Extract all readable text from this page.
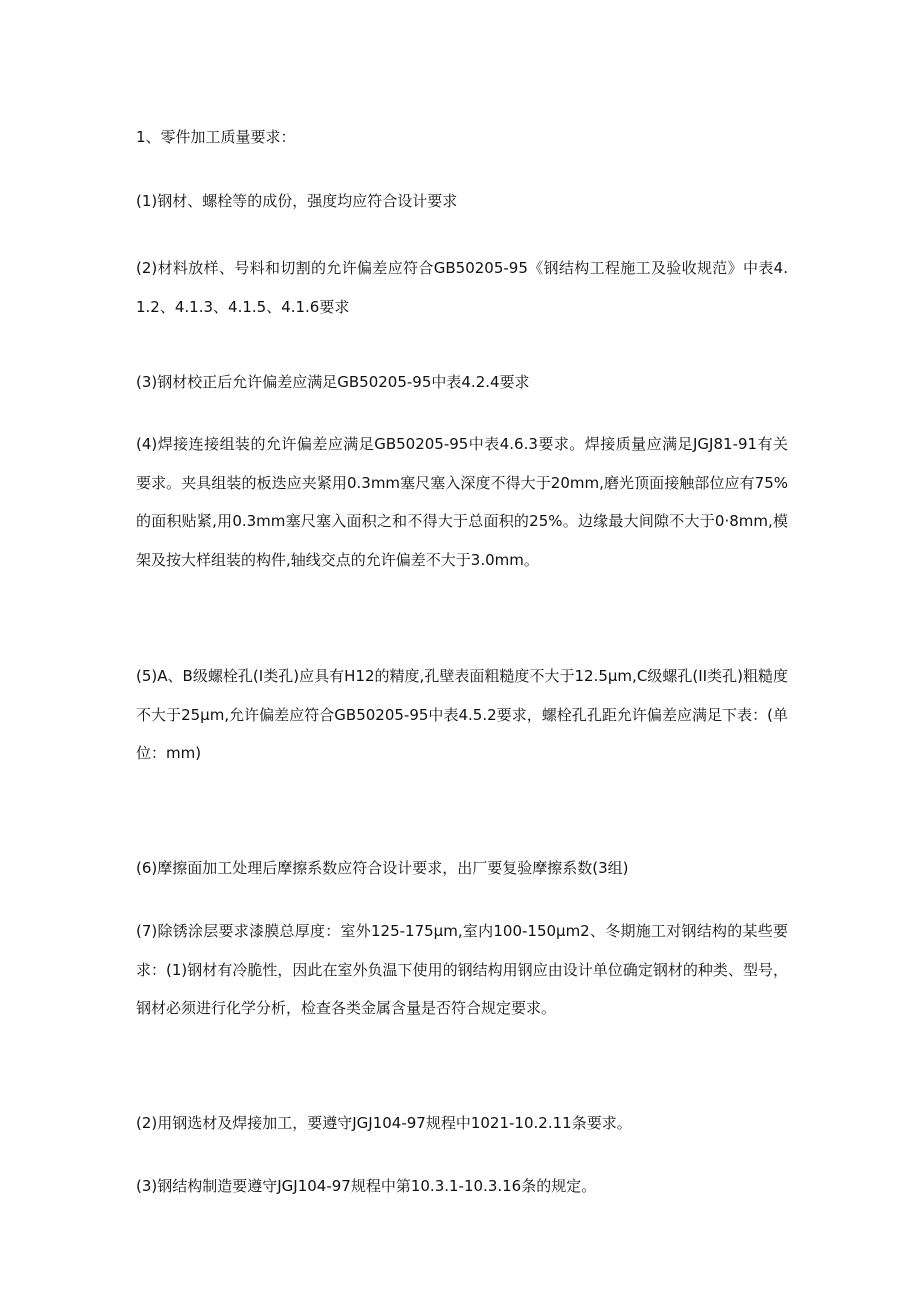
1、零件加工质量要求：

(1)钢材、螺栓等的成份，强度均应符合设计要求

(2)材料放样、号料和切割的允许偏差应符合GB50205-95《钢结构工程施工及验收规范》中表4.1.2、4.1.3、4.1.5、4.1.6要求

(3)钢材校正后允许偏差应满足GB50205-95中表4.2.4要求

(4)焊接连接组装的允许偏差应满足GB50205-95中表4.6.3要求。焊接质量应满足JGJ81-91有关要求。夹具组装的板迭应夹紧用0.3mm塞尺塞入深度不得大于20mm,磨光顶面接触部位应有75%的面积贴紧,用0.3mm塞尺塞入面积之和不得大于总面积的25%。边缘最大间隙不大于0·8mm,模架及按大样组装的构件,轴线交点的允许偏差不大于3.0mm。

(5)A、B级螺栓孔(I类孔)应具有H12的精度,孔壁表面粗糙度不大于12.5μm,C级螺孔(II类孔)粗糙度不大于25μm,允许偏差应符合GB50205-95中表4.5.2要求，螺栓孔孔距允许偏差应满足下表：(单位：mm)

(6)摩擦面加工处理后摩擦系数应符合设计要求，出厂要复验摩擦系数(3组)

(7)除锈涂层要求漆膜总厚度：室外125-175μm,室内100-150μm2、冬期施工对钢结构的某些要求：(1)钢材有冷脆性，因此在室外负温下使用的钢结构用钢应由设计单位确定钢材的种类、型号，钢材必须进行化学分析，检查各类金属含量是否符合规定要求。

(2)用钢选材及焊接加工，要遵守JGJ104-97规程中1021-10.2.11条要求。

(3)钢结构制造要遵守JGJ104-97规程中第10.3.1-10.3.16条的规定。
